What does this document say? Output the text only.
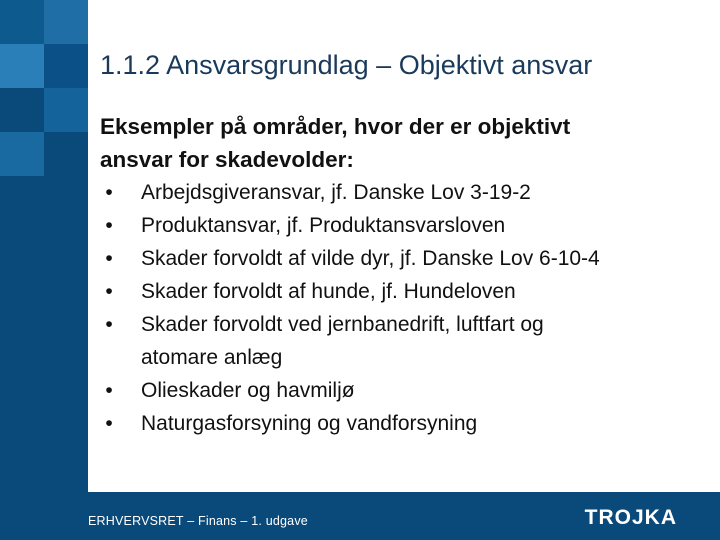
1.1.2 Ansvarsgrundlag – Objektivt ansvar
Eksempler på områder, hvor der er objektivt
ansvar for skadevolder:
• Arbejdsgiveransvar, jf. Danske Lov 3-19-2
• Produktansvar, jf. Produktansvarsloven
• Skader forvoldt af vilde dyr, jf. Danske Lov 6-10-4
• Skader forvoldt af hunde, jf. Hundeloven
• Skader forvoldt ved jernbanedrift, luftfart og
atomare anlæg
• Olieskader og havmiljø
• Naturgasforsyning og vandforsyning
ERHVERVSRET – Finans – 1. udgave	TROJKA
